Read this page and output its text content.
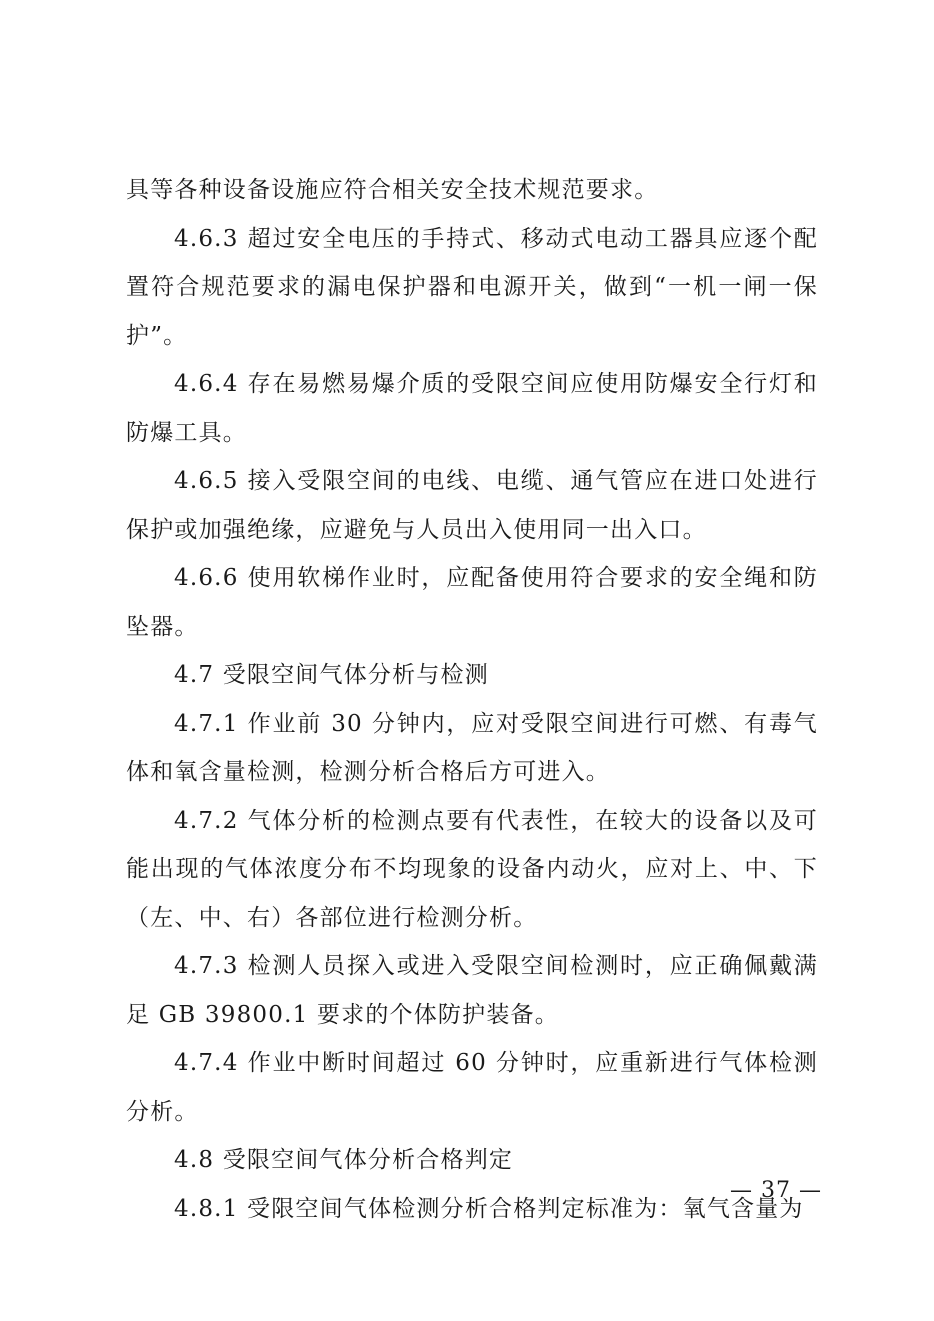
具等各种设备设施应符合相关安全技术规范要求。

4.6.3 超过安全电压的手持式、移动式电动工器具应逐个配置符合规范要求的漏电保护器和电源开关，做到“一机一闸一保护”。

4.6.4 存在易燃易爆介质的受限空间应使用防爆安全行灯和防爆工具。

4.6.5 接入受限空间的电线、电缆、通气管应在进口处进行保护或加强绝缘，应避免与人员出入使用同一出入口。

4.6.6 使用软梯作业时，应配备使用符合要求的安全绳和防坠器。

4.7 受限空间气体分析与检测

4.7.1 作业前 30 分钟内，应对受限空间进行可燃、有毒气体和氧含量检测，检测分析合格后方可进入。

4.7.2 气体分析的检测点要有代表性，在较大的设备以及可能出现的气体浓度分布不均现象的设备内动火，应对上、中、下（左、中、右）各部位进行检测分析。

4.7.3 检测人员探入或进入受限空间检测时，应正确佩戴满足 GB 39800.1 要求的个体防护装备。

4.7.4 作业中断时间超过 60 分钟时，应重新进行气体检测分析。

4.8 受限空间气体分析合格判定

4.8.1 受限空间气体检测分析合格判定标准为：氧气含量为

— 37 —
